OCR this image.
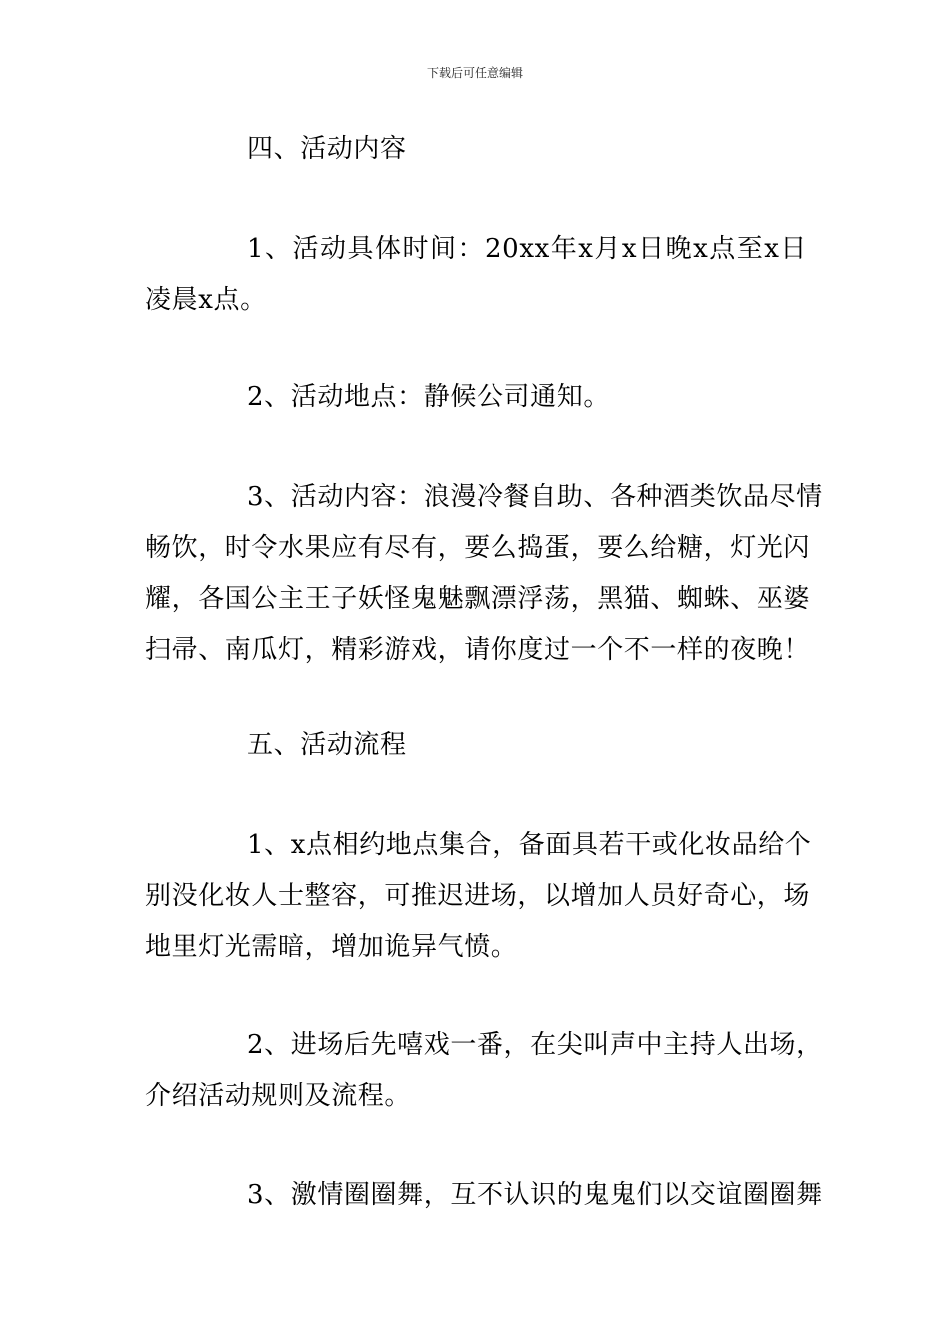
下载后可任意编辑
四、活动内容
1、活动具体时间：20xx年x月x日晚x点至x日
凌晨x点。
2、活动地点：静候公司通知。
3、活动内容：浪漫冷餐自助、各种酒类饮品尽情
畅饮，时令水果应有尽有，要么捣蛋，要么给糖，灯光闪
耀，各国公主王子妖怪鬼魅飘漂浮荡，黑猫、蜘蛛、巫婆
扫帚、南瓜灯，精彩游戏，请你度过一个不一样的夜晚！
五、活动流程
1、x点相约地点集合，备面具若干或化妆品给个
别没化妆人士整容，可推迟进场，以增加人员好奇心，场
地里灯光需暗，增加诡异气愤。
2、进场后先嘻戏一番，在尖叫声中主持人出场，
介绍活动规则及流程。
3、激情圈圈舞，互不认识的鬼鬼们以交谊圈圈舞
